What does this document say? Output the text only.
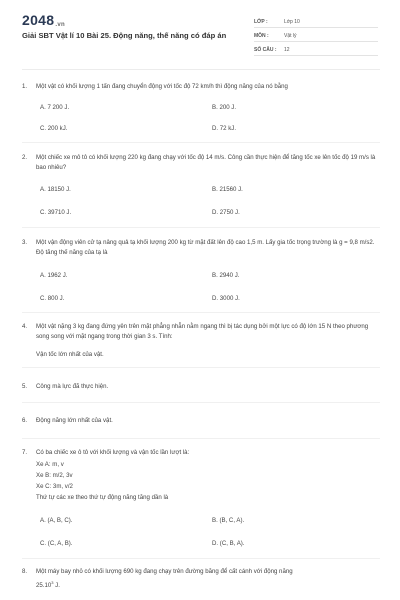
2048.vn
Giải SBT Vật lí 10 Bài 25. Động năng, thế năng có đáp án
LỚP :	Lớp 10
MÔN :	Vật lý
SỐ CÂU :	12
1.	Một vật có khối lượng 1 tấn đang chuyển động với tốc độ 72 km/h thì động năng của nó bằng
A. 7 200 J.	B. 200 J.
C. 200 kJ.	D. 72 kJ.
2.	Một chiếc xe mô tô có khối lượng 220 kg đang chạy với tốc độ 14 m/s. Công cần thực hiện để tăng tốc xe lên tốc độ 19 m/s là bao nhiêu?
A. 18150 J.	B. 21560 J.
C. 39710 J.	D. 2750 J.
3.	Một vận động viên cử tạ nâng quả tạ khối lượng 200 kg từ mặt đất lên độ cao 1,5 m. Lấy gia tốc trọng trường là g = 9,8 m/s2. Độ tăng thế năng của tạ là
A. 1962 J.	B. 2940 J.
C. 800 J.	D. 3000 J.
4.	Một vật nặng 3 kg đang đứng yên trên mặt phẳng nhẵn nằm ngang thì bị tác dụng bởi một lực có độ lớn 15 N theo phương song song với mặt ngang trong thời gian 3 s. Tính:
Vận tốc lớn nhất của vật.
5.	Công mà lực đã thực hiện.
6.	Động năng lớn nhất của vật.
7.	Có ba chiếc xe ô tô với khối lượng và vận tốc lần lượt là:
Xe A: m, v
Xe B: m/2, 3v
Xe C: 3m, v/2
Thứ tự các xe theo thứ tự động năng tăng dần là
A. (A, B, C).	B. (B, C, A).
C. (C, A, B).	D. (C, B, A).
8.	Một máy bay nhỏ có khối lượng 690 kg đang chạy trên đường băng để cất cánh với động năng
25.10$^3$ J.
